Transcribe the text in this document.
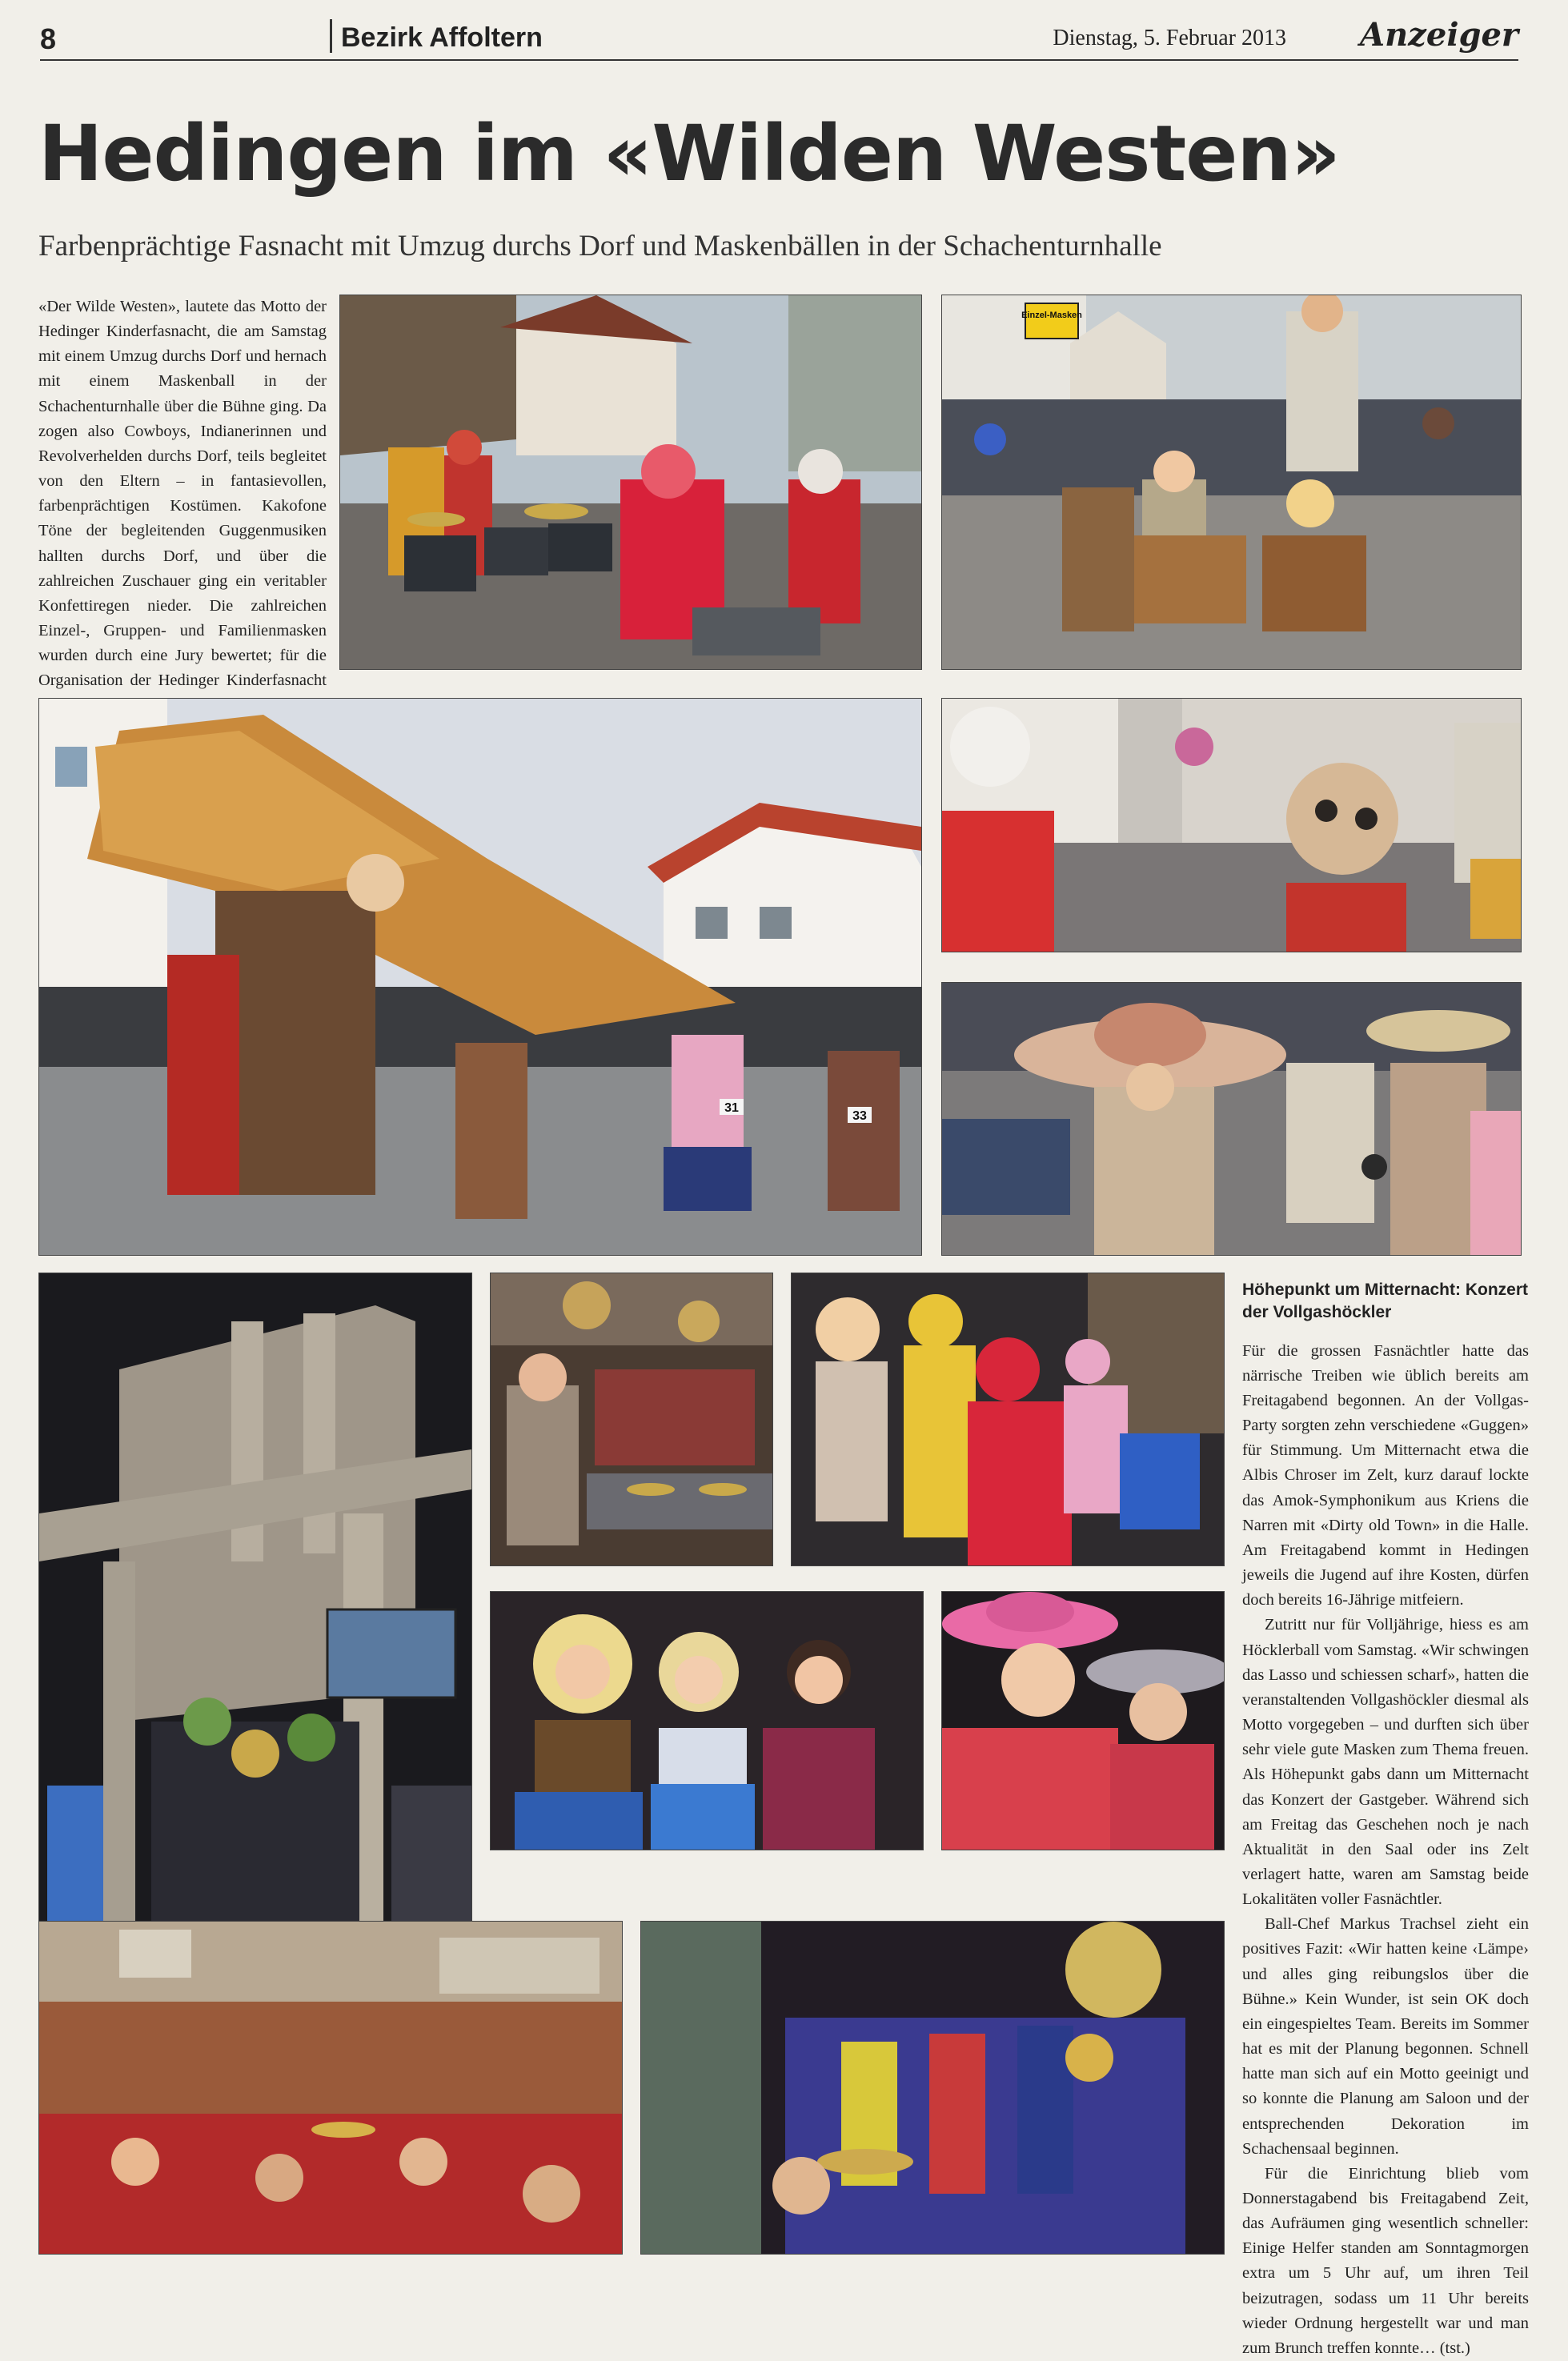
8	Bezirk Affoltern	Dienstag, 5. Februar 2013 Anzeiger
Hedingen im «Wilden Westen»
Farbenprächtige Fasnacht mit Umzug durchs Dorf und Maskenbällen in der Schachenturnhalle
«Der Wilde Westen», lautete das Motto der Hedinger Kinderfasnacht, die am Samstag mit einem Umzug durchs Dorf und hernach mit einem Maskenball in der Schachenturnhalle über die Bühne ging. Da zogen also Cowboys, Indianerinnen und Revolverhelden durchs Dorf, teils begleitet von den Eltern – in fantasievollen, farbenprächtigen Kostümen. Kakofone Töne der begleitenden Guggenmusiken hallten durchs Dorf, und über die zahlreichen Zuschauer ging ein veritabler Konfettiregen nieder. Die zahlreichen Einzel-, Gruppen- und Familienmasken wurden durch eine Jury bewertet; für die Organisation der Hedinger Kinderfasnacht
Einzel-Masken
31
33
Höhepunkt um Mitternacht: Konzert der Vollgashöckler

Für die grossen Fasnächtler hatte das närrische Treiben wie üblich bereits am Freitagabend begonnen. An der Vollgas-Party sorgten zehn verschiedene «Guggen» für Stimmung. Um Mitternacht etwa die Albis Chroser im Zelt, kurz darauf lockte das Amok-Symphonikum aus Kriens die Narren mit «Dirty old Town» in die Halle. Am Freitagabend kommt in Hedingen jeweils die Jugend auf ihre Kosten, dürfen doch bereits 16-Jährige mitfeiern.

Zutritt nur für Volljährige, hiess es am Höcklerball vom Samstag. «Wir schwingen das Lasso und schiessen scharf», hatten die veranstaltenden Vollgashöckler diesmal als Motto vorgegeben – und durften sich über sehr viele gute Masken zum Thema freuen. Als Höhepunkt gabs dann um Mitternacht das Konzert der Gastgeber. Während sich am Freitag das Geschehen noch je nach Aktualität in den Saal oder ins Zelt verlagert hatte, waren am Samstag beide Lokalitäten voller Fasnächtler.

Ball-Chef Markus Trachsel zieht ein positives Fazit: «Wir hatten keine ‹Lämpe› und alles ging reibungslos über die Bühne.» Kein Wunder, ist sein OK doch ein eingespieltes Team. Bereits im Sommer hat es mit der Planung begonnen. Schnell hatte man sich auf ein Motto geeinigt und so konnte die Planung am Saloon und der entsprechenden Dekoration im Schachensaal beginnen.

Für die Einrichtung blieb vom Donnerstagabend bis Freitagabend Zeit, das Aufräumen ging wesentlich schneller: Einige Helfer standen am Sonntagmorgen extra um 5 Uhr auf, um ihren Teil beizutragen, sodass um 11 Uhr bereits wieder Ordnung hergestellt war und man zum Brunch treffen konnte… (tst.)
